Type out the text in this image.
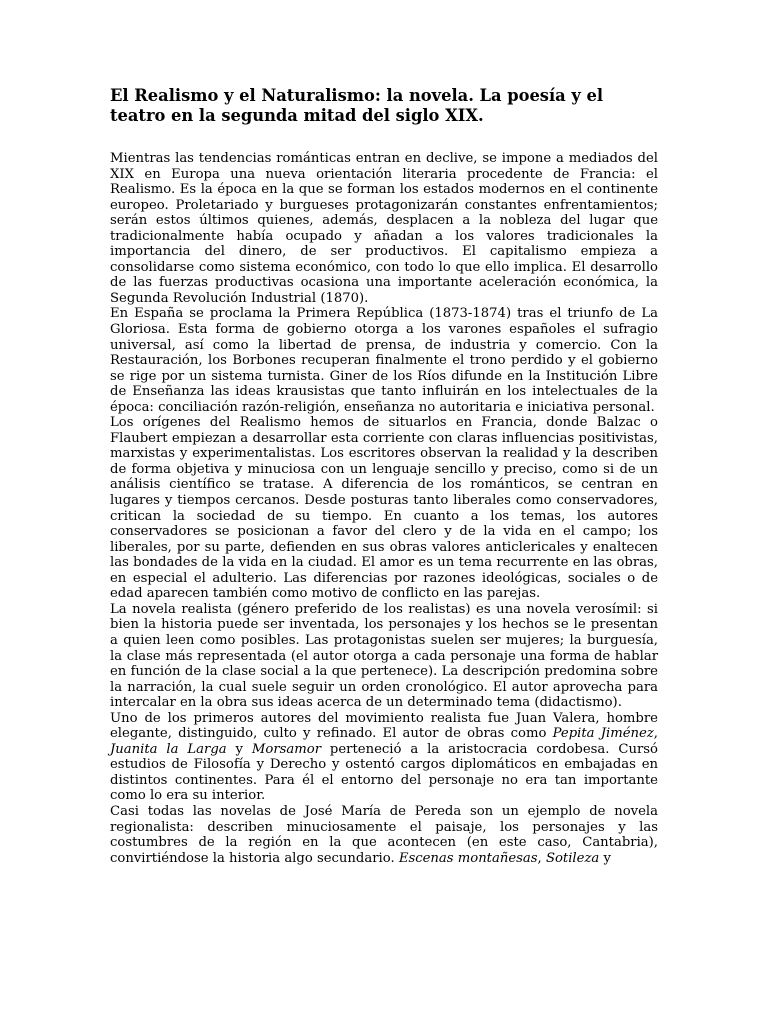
El Realismo y el Naturalismo: la novela. La poesía y el teatro en la segunda mitad del siglo XIX.

Mientras las tendencias románticas entran en declive, se impone a mediados del XIX en Europa una nueva orientación literaria procedente de Francia: el Realismo. Es la época en la que se forman los estados modernos en el continente europeo. Proletariado y burgueses protagonizarán constantes enfrentamientos; serán estos últimos quienes, además, desplacen a la nobleza del lugar que tradicionalmente había ocupado y añadan a los valores tradicionales la importancia del dinero, de ser productivos. El capitalismo empieza a consolidarse como sistema económico, con todo lo que ello implica. El desarrollo de las fuerzas productivas ocasiona una importante aceleración económica, la Segunda Revolución Industrial (1870).

En España se proclama la Primera República (1873-1874) tras el triunfo de La Gloriosa. Esta forma de gobierno otorga a los varones españoles el sufragio universal, así como la libertad de prensa, de industria y comercio. Con la Restauración, los Borbones recuperan finalmente el trono perdido y el gobierno se rige por un sistema turnista. Giner de los Ríos difunde en la Institución Libre de Enseñanza las ideas krausistas que tanto influirán en los intelectuales de la época: conciliación razón-religión, enseñanza no autoritaria e iniciativa personal.

Los orígenes del Realismo hemos de situarlos en Francia, donde Balzac o Flaubert empiezan a desarrollar esta corriente con claras influencias positivistas, marxistas y experimentalistas. Los escritores observan la realidad y la describen de forma objetiva y minuciosa con un lenguaje sencillo y preciso, como si de un análisis científico se tratase. A diferencia de los románticos, se centran en lugares y tiempos cercanos. Desde posturas tanto liberales como conservadores, critican la sociedad de su tiempo. En cuanto a los temas, los autores conservadores se posicionan a favor del clero y de la vida en el campo; los liberales, por su parte, defienden en sus obras valores anticlericales y enaltecen las bondades de la vida en la ciudad. El amor es un tema recurrente en las obras, en especial el adulterio. Las diferencias por razones ideológicas, sociales o de edad aparecen también como motivo de conflicto en las parejas.

La novela realista (género preferido de los realistas) es una novela verosímil: si bien la historia puede ser inventada, los personajes y los hechos se le presentan a quien leen como posibles. Las protagonistas suelen ser mujeres; la burguesía, la clase más representada (el autor otorga a cada personaje una forma de hablar en función de la clase social a la que pertenece). La descripción predomina sobre la narración, la cual suele seguir un orden cronológico. El autor aprovecha para intercalar en la obra sus ideas acerca de un determinado tema (didactismo).

Uno de los primeros autores del movimiento realista fue Juan Valera, hombre elegante, distinguido, culto y refinado. El autor de obras como Pepita Jiménez, Juanita la Larga y Morsamor perteneció a la aristocracia cordobesa. Cursó estudios de Filosofía y Derecho y ostentó cargos diplomáticos en embajadas en distintos continentes. Para él el entorno del personaje no era tan importante como lo era su interior.

Casi todas las novelas de José María de Pereda son un ejemplo de novela regionalista: describen minuciosamente el paisaje, los personajes y las costumbres de la región en la que acontecen (en este caso, Cantabria), convirtiéndose la historia algo secundario. Escenas montañesas, Sotileza y
